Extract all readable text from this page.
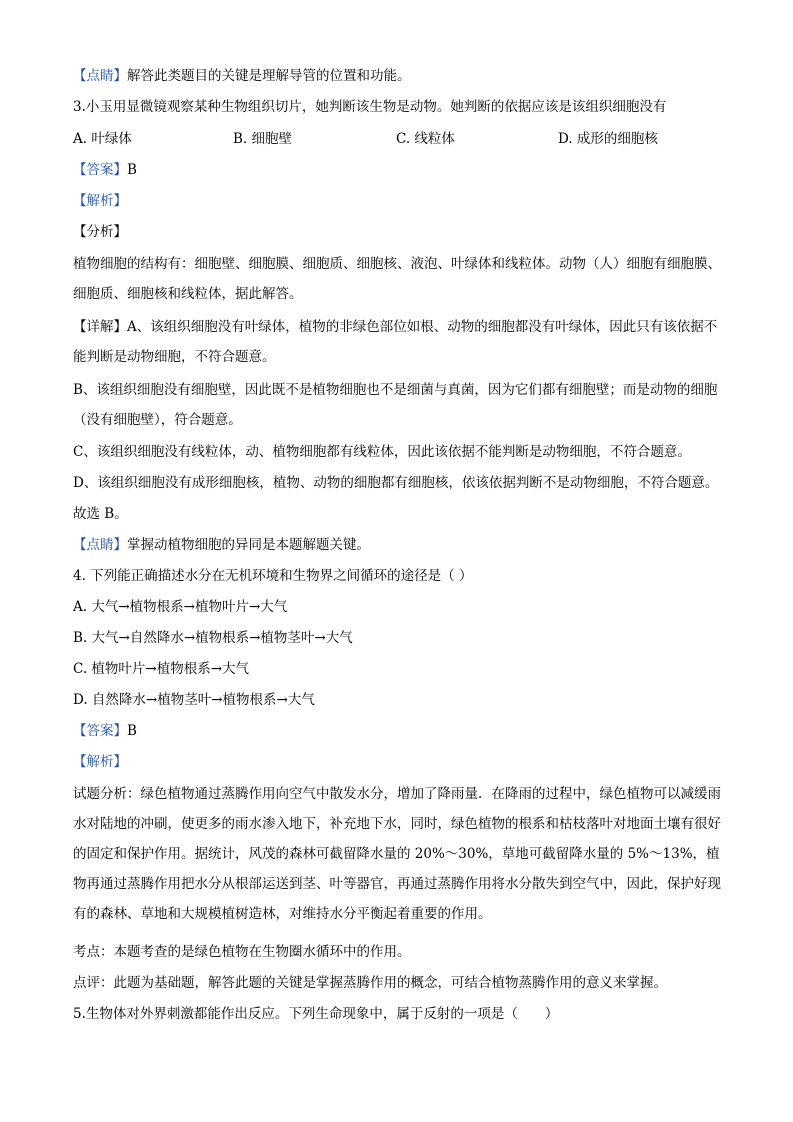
【点睛】解答此类题目的关键是理解导管的位置和功能。
3.小玉用显微镜观察某种生物组织切片，她判断该生物是动物。她判断的依据应该是该组织细胞没有
A. 叶绿体	B. 细胞壁	C. 线粒体	D. 成形的细胞核
【答案】B
【解析】
【分析】
植物细胞的结构有：细胞壁、细胞膜、细胞质、细胞核、液泡、叶绿体和线粒体。动物（人）细胞有细胞膜、细胞质、细胞核和线粒体，据此解答。
【详解】A、该组织细胞没有叶绿体，植物的非绿色部位如根、动物的细胞都没有叶绿体，因此只有该依据不能判断是动物细胞，不符合题意。
B、该组织细胞没有细胞壁，因此既不是植物细胞也不是细菌与真菌，因为它们都有细胞壁；而是动物的细胞（没有细胞壁），符合题意。
C、该组织细胞没有线粒体，动、植物细胞都有线粒体，因此该依据不能判断是动物细胞，不符合题意。
D、该组织细胞没有成形细胞核，植物、动物的细胞都有细胞核，依该依据判断不是动物细胞，不符合题意。
故选 B。
【点睛】掌握动植物细胞的异同是本题解题关键。
4. 下列能正确描述水分在无机环境和生物界之间循环的途径是（ ）
A. 大气→植物根系→植物叶片→大气
B. 大气→自然降水→植物根系→植物茎叶→大气
C. 植物叶片→植物根系→大气
D. 自然降水→植物茎叶→植物根系→大气
【答案】B
【解析】
试题分析：绿色植物通过蒸腾作用向空气中散发水分，增加了降雨量．在降雨的过程中，绿色植物可以减缓雨水对陆地的冲刷，使更多的雨水渗入地下，补充地下水，同时，绿色植物的根系和枯枝落叶对地面土壤有很好的固定和保护作用。据统计，风茂的森林可截留降水量的 20%～30%，草地可截留降水量的 5%～13%，植物再通过蒸腾作用把水分从根部运送到茎、叶等器官，再通过蒸腾作用将水分散失到空气中，因此，保护好现有的森林、草地和大规模植树造林，对维持水分平衡起着重要的作用。
考点：本题考查的是绿色植物在生物圈水循环中的作用。
点评：此题为基础题，解答此题的关键是掌握蒸腾作用的概念，可结合植物蒸腾作用的意义来掌握。
5.生物体对外界刺激都能作出反应。下列生命现象中，属于反射的一项是（　　）
